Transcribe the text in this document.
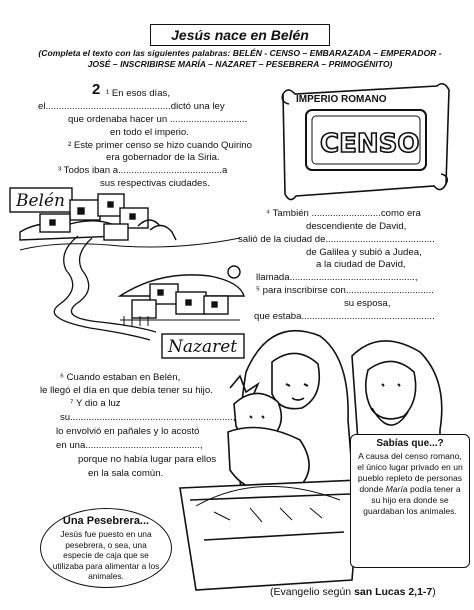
Jesús nace en Belén
(Completa el texto con las siguientes palabras: BELÉN - CENSO – EMBARAZADA – EMPERADOR - JOSÉ – INSCRIBIRSE MARÍA – NAZARET – PESEBRERA – PRIMOGÉNITO)
IMPERIO ROMANO
CENSO
Belén
Nazaret
2 ¹ En esos días,
el...............................................dictó una ley
que ordenaba hacer un .............................
en todo el imperio.
² Este primer censo se hizo cuando Quirino
era gobernador de la Siria.
³ Todos iban a.......................................a
sus respectivas ciudades.
⁴ También ..........................como era
descendiente de David,
salió de la ciudad de.........................................
de Galilea y subió a Judea,
a la ciudad de David,
llamada...............................................,
⁵ para inscribirse con.................................
su esposa,
que estaba..................................................
⁶ Cuando estaban en Belén,
le llegó el día en que debía tener su hijo.
⁷ Y dio a luz
su.............................................................,
lo envolvió en pañales y lo acostó
en una...........................................,
porque no había lugar para ellos
en la sala común.
Sabías que...?
A causa del censo romano, el único lugar privado en un pueblo repleto de personas donde María podía tener a su hijo era donde se guardaban los animales.
Una Pesebrera...
Jesús fue puesto en una pesebrera, o sea, una especie de caja que se utilizaba para alimentar a los animales.
(Evangelio según san Lucas 2,1-7)
